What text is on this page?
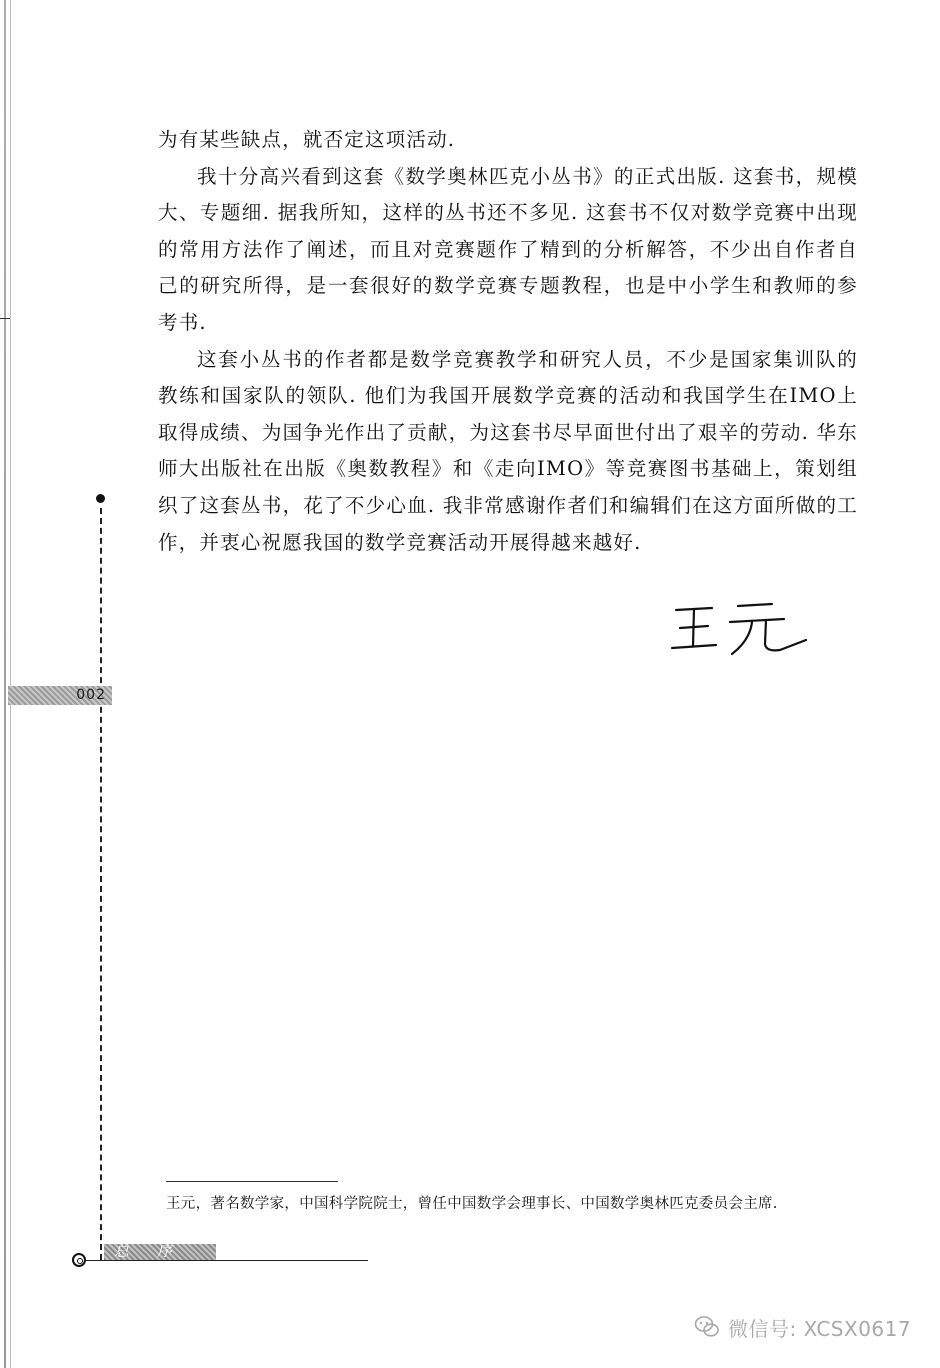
为有某些缺点，就否定这项活动.

我十分高兴看到这套《数学奥林匹克小丛书》的正式出版. 这套书，规模大、专题细. 据我所知，这样的丛书还不多见. 这套书不仅对数学竞赛中出现的常用方法作了阐述，而且对竞赛题作了精到的分析解答，不少出自作者自己的研究所得，是一套很好的数学竞赛专题教程，也是中小学生和教师的参考书.

这套小丛书的作者都是数学竞赛教学和研究人员，不少是国家集训队的教练和国家队的领队. 他们为我国开展数学竞赛的活动和我国学生在IMO上取得成绩、为国争光作出了贡献，为这套书尽早面世付出了艰辛的劳动. 华东师大出版社在出版《奥数教程》和《走向IMO》等竞赛图书基础上，策划组织了这套丛书，花了不少心血. 我非常感谢作者们和编辑们在这方面所做的工作，并衷心祝愿我国的数学竞赛活动开展得越来越好.

002
王元，著名数学家，中国科学院院士，曾任中国数学会理事长、中国数学奥林匹克委员会主席.
总序
微信号: XCSX0617
